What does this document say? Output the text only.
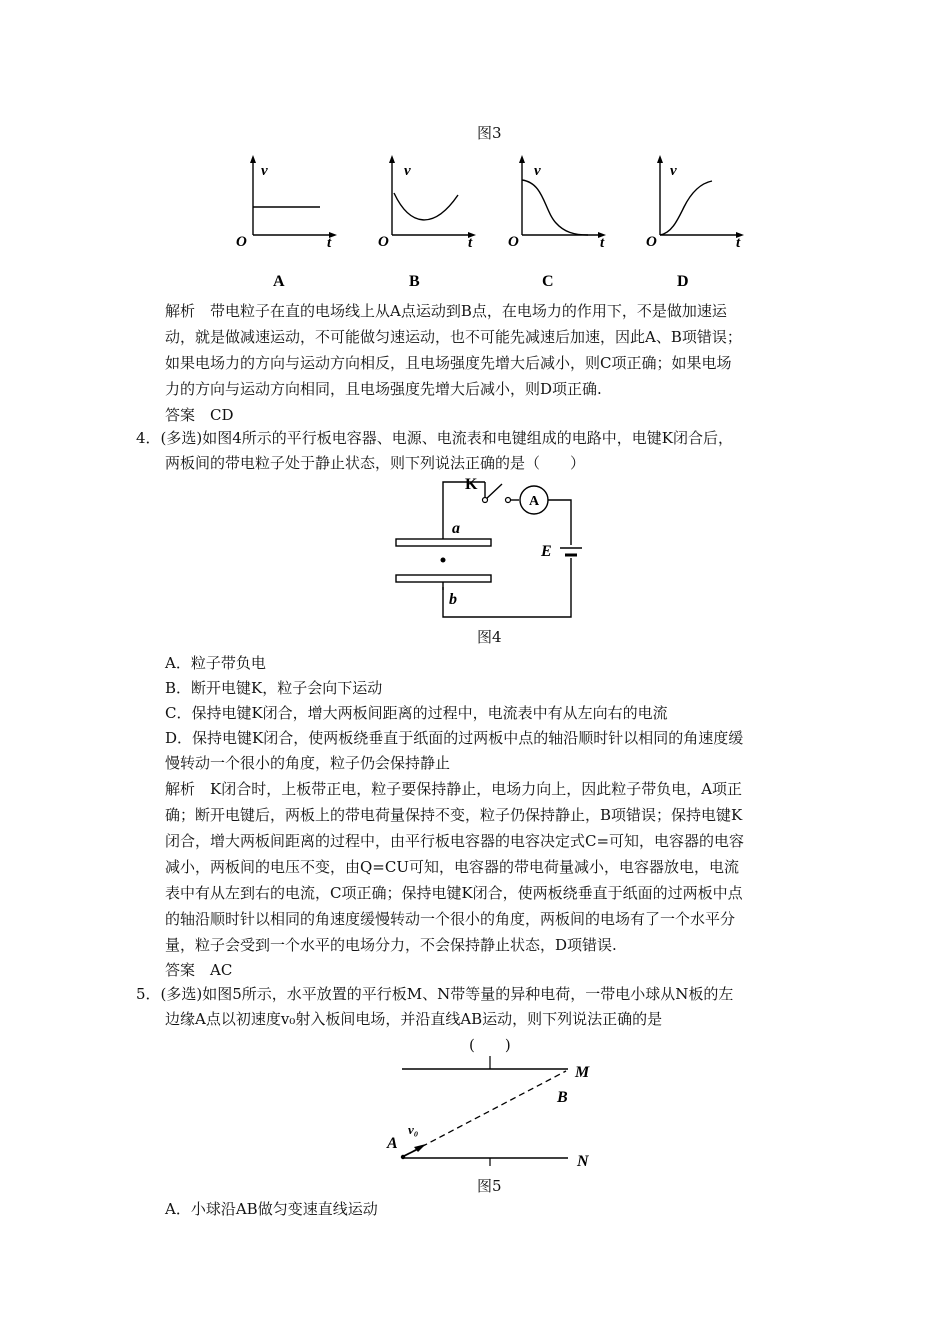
图3
v
t
O
A
v
t
O
B
v
t
O
C
v
t
O
D
解析　带电粒子在直的电场线上从A点运动到B点，在电场力的作用下，不是做加速运
动，就是做减速运动，不可能做匀速运动，也不可能先减速后加速，因此A、B项错误；
如果电场力的方向与运动方向相反，且电场强度先增大后减小，则C项正确；如果电场
力的方向与运动方向相同，且电场强度先增大后减小，则D项正确.
答案　CD
4．(多选)如图4所示的平行板电容器、电源、电流表和电键组成的电路中，电键K闭合后，
两板间的带电粒子处于静止状态，则下列说法正确的是（　　）
K
A
E
a
b
图4
A．粒子带负电
B．断开电键K，粒子会向下运动
C．保持电键K闭合，增大两板间距离的过程中，电流表中有从左向右的电流
D．保持电键K闭合，使两板绕垂直于纸面的过两板中点的轴沿顺时针以相同的角速度缓
慢转动一个很小的角度，粒子仍会保持静止
解析　K闭合时，上板带正电，粒子要保持静止，电场力向上，因此粒子带负电，A项正
确；断开电键后，两板上的带电荷量保持不变，粒子仍保持静止，B项错误；保持电键K
闭合，增大两板间距离的过程中，由平行板电容器的电容决定式C=可知，电容器的电容
减小，两板间的电压不变，由Q=CU可知，电容器的带电荷量减小，电容器放电，电流
表中有从左到右的电流，C项正确；保持电键K闭合，使两板绕垂直于纸面的过两板中点
的轴沿顺时针以相同的角速度缓慢转动一个很小的角度，两板间的电场有了一个水平分
量，粒子会受到一个水平的电场分力，不会保持静止状态，D项错误.
答案　AC
5．(多选)如图5所示，水平放置的平行板M、N带等量的异种电荷，一带电小球从N板的左
边缘A点以初速度v₀射入板间电场，并沿直线AB运动，则下列说法正确的是
(　　)
M
N
A
B
v₀
图5
A．小球沿AB做匀变速直线运动
